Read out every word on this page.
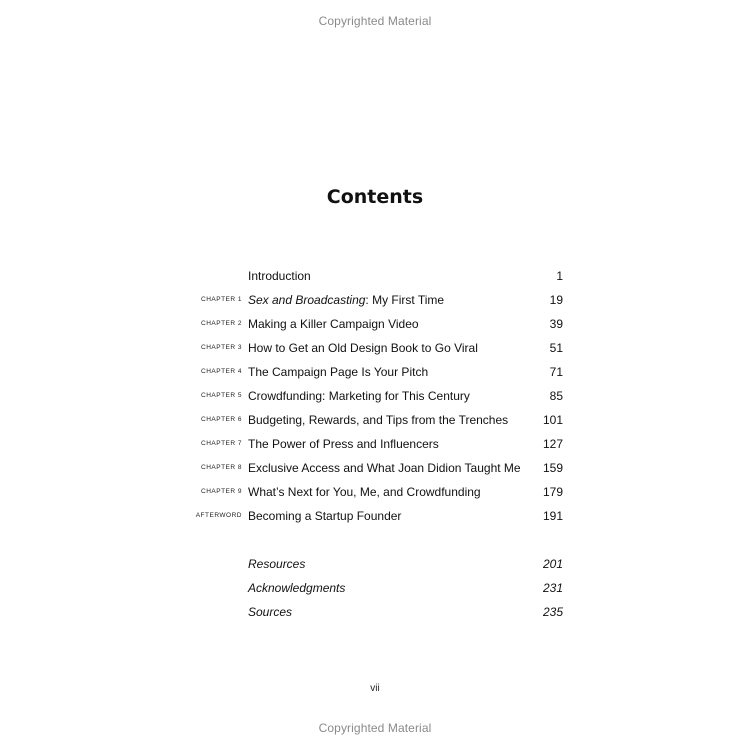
Copyrighted Material
Contents
Introduction	1
CHAPTER 1 Sex and Broadcasting: My First Time	19
CHAPTER 2 Making a Killer Campaign Video	39
CHAPTER 3 How to Get an Old Design Book to Go Viral	51
CHAPTER 4 The Campaign Page Is Your Pitch	71
CHAPTER 5 Crowdfunding: Marketing for This Century	85
CHAPTER 6 Budgeting, Rewards, and Tips from the Trenches	101
CHAPTER 7 The Power of Press and Influencers	127
CHAPTER 8 Exclusive Access and What Joan Didion Taught Me 159
CHAPTER 9 What’s Next for You, Me, and Crowdfunding	179
AFTERWORD Becoming a Startup Founder	191
Resources	201
Acknowledgments	231
Sources	235
vii
Copyrighted Material
